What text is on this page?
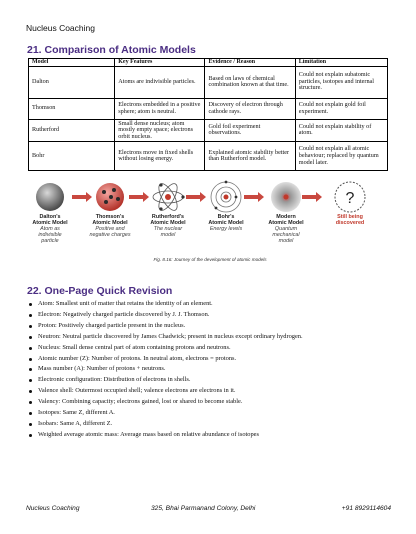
Nucleus Coaching
21. Comparison of Atomic Models
Model	Key Features	Evidence / Reason	Limitation
Dalton	Atoms are indivisible particles.	Based on laws of chemical combination known at that time.	Could not explain subatomic particles, isotopes and internal structure.
Thomson	Electrons embedded in a positive sphere; atom is neutral.	Discovery of electron through cathode rays.	Could not explain gold foil experiment.
Rutherford	Small dense nucleus; atom mostly empty space; electrons orbit nucleus.	Gold foil experiment observations.	Could not explain stability of atom.
Bohr	Electrons move in fixed shells without losing energy.	Explained atomic stability better than Rutherford model.	Could not explain all atomic behaviour; replaced by quantum model later.
?
Dalton's
Atomic Model
Atom as
indivisible
particle
Thomson's
Atomic Model
Positive and
negative charges
Rutherford's
Atomic Model
The nuclear
model
Bohr's
Atomic Model
Energy levels
Modern
Atomic Model
Quantum
mechanical
model
Still being
discovered
Fig. 8.16: Journey of the development of atomic models
22. One-Page Quick Revision
Atom: Smallest unit of matter that retains the identity of an element.
Electron: Negatively charged particle discovered by J. J. Thomson.
Proton: Positively charged particle present in the nucleus.
Neutron: Neutral particle discovered by James Chadwick; present in nucleus except ordinary hydrogen.
Nucleus: Small dense central part of atom containing protons and neutrons.
Atomic number (Z): Number of protons. In neutral atom, electrons = protons.
Mass number (A): Number of protons + neutrons.
Electronic configuration: Distribution of electrons in shells.
Valence shell: Outermost occupied shell; valence electrons are electrons in it.
Valency: Combining capacity; electrons gained, lost or shared to become stable.
Isotopes: Same Z, different A.
Isobars: Same A, different Z.
Weighted average atomic mass: Average mass based on relative abundance of isotopes
Nucleus Coaching	325, Bhai Parmanand Colony, Delhi	+91 8929114604
